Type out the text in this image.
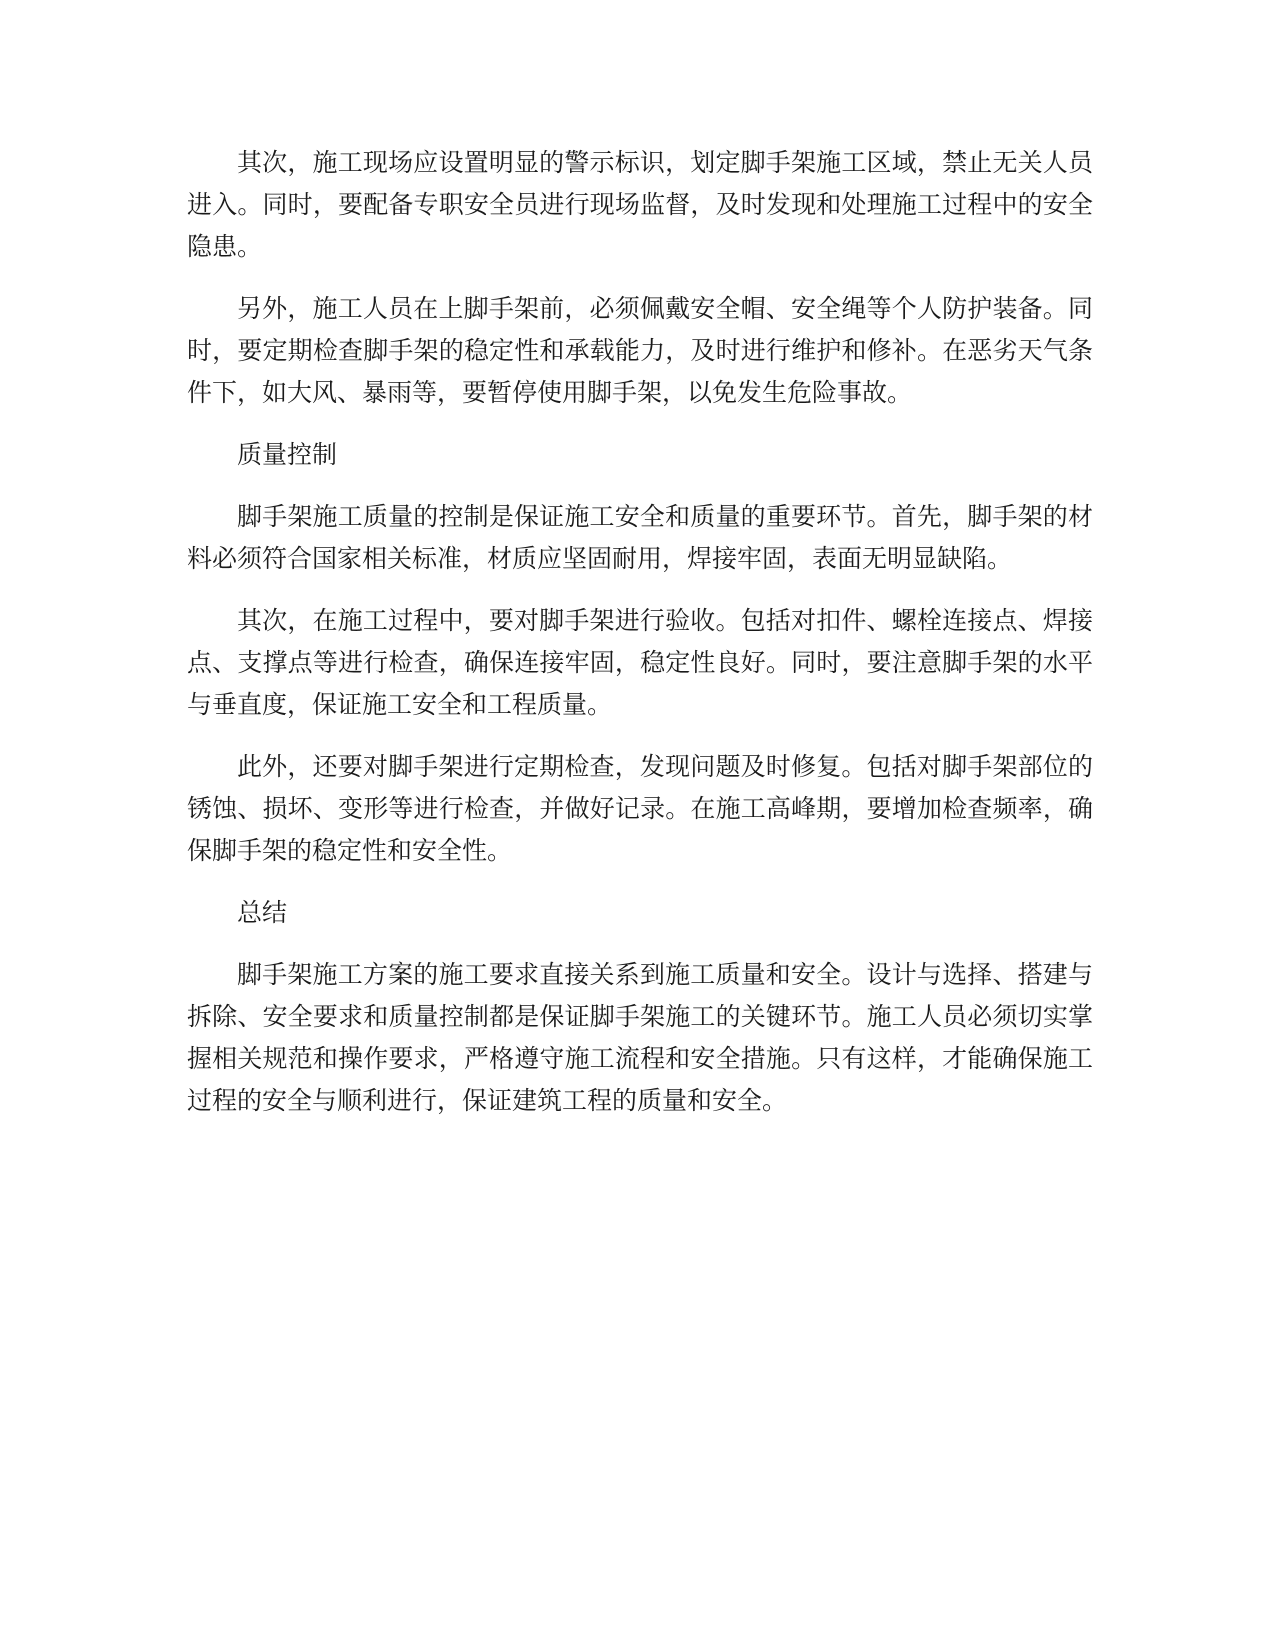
其次，施工现场应设置明显的警示标识，划定脚手架施工区域，禁止无关人员进入。同时，要配备专职安全员进行现场监督，及时发现和处理施工过程中的安全隐患。

另外，施工人员在上脚手架前，必须佩戴安全帽、安全绳等个人防护装备。同时，要定期检查脚手架的稳定性和承载能力，及时进行维护和修补。在恶劣天气条件下，如大风、暴雨等，要暂停使用脚手架，以免发生危险事故。

质量控制

脚手架施工质量的控制是保证施工安全和质量的重要环节。首先，脚手架的材料必须符合国家相关标准，材质应坚固耐用，焊接牢固，表面无明显缺陷。

其次，在施工过程中，要对脚手架进行验收。包括对扣件、螺栓连接点、焊接点、支撑点等进行检查，确保连接牢固，稳定性良好。同时，要注意脚手架的水平与垂直度，保证施工安全和工程质量。

此外，还要对脚手架进行定期检查，发现问题及时修复。包括对脚手架部位的锈蚀、损坏、变形等进行检查，并做好记录。在施工高峰期，要增加检查频率，确保脚手架的稳定性和安全性。

总结

脚手架施工方案的施工要求直接关系到施工质量和安全。设计与选择、搭建与拆除、安全要求和质量控制都是保证脚手架施工的关键环节。施工人员必须切实掌握相关规范和操作要求，严格遵守施工流程和安全措施。只有这样，才能确保施工过程的安全与顺利进行，保证建筑工程的质量和安全。
